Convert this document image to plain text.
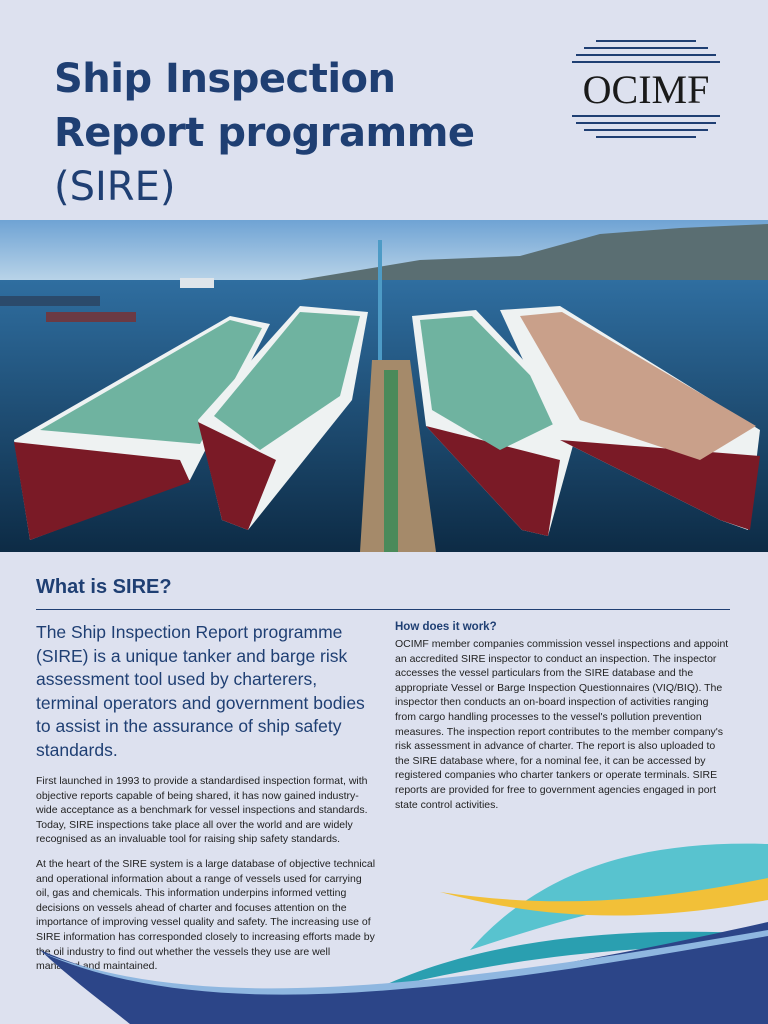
Ship Inspection
Report programme
(SIRE)
OCIMF
What is SIRE?

The Ship Inspection Report programme (SIRE) is a unique tanker and barge risk assessment tool used by charterers, terminal operators and government bodies to assist in the assurance of ship safety standards.

First launched in 1993 to provide a standardised inspection format, with objective reports capable of being shared, it has now gained industry-wide acceptance as a benchmark for vessel inspections and standards. Today, SIRE inspections take place all over the world and are widely recognised as an invaluable tool for raising ship safety standards.

At the heart of the SIRE system is a large database of objective technical and operational information about a range of vessels used for carrying oil, gas and chemicals. This information underpins informed vetting decisions on vessels ahead of charter and focuses attention on the importance of improving vessel quality and safety. The increasing use of SIRE information has corresponded closely to increasing efforts made by the oil industry to find out whether the vessels they use are well managed and maintained.

How does it work?

OCIMF member companies commission vessel inspections and appoint an accredited SIRE inspector to conduct an inspection. The inspector accesses the vessel particulars from the SIRE database and the appropriate Vessel or Barge Inspection Questionnaires (VIQ/BIQ). The inspector then conducts an on-board inspection of activities ranging from cargo handling processes to the vessel's pollution prevention measures. The inspection report contributes to the member company's risk assessment in advance of charter. The report is also uploaded to the SIRE database where, for a nominal fee, it can be accessed by registered companies who charter tankers or operate terminals. SIRE reports are provided for free to government agencies engaged in port state control activities.
